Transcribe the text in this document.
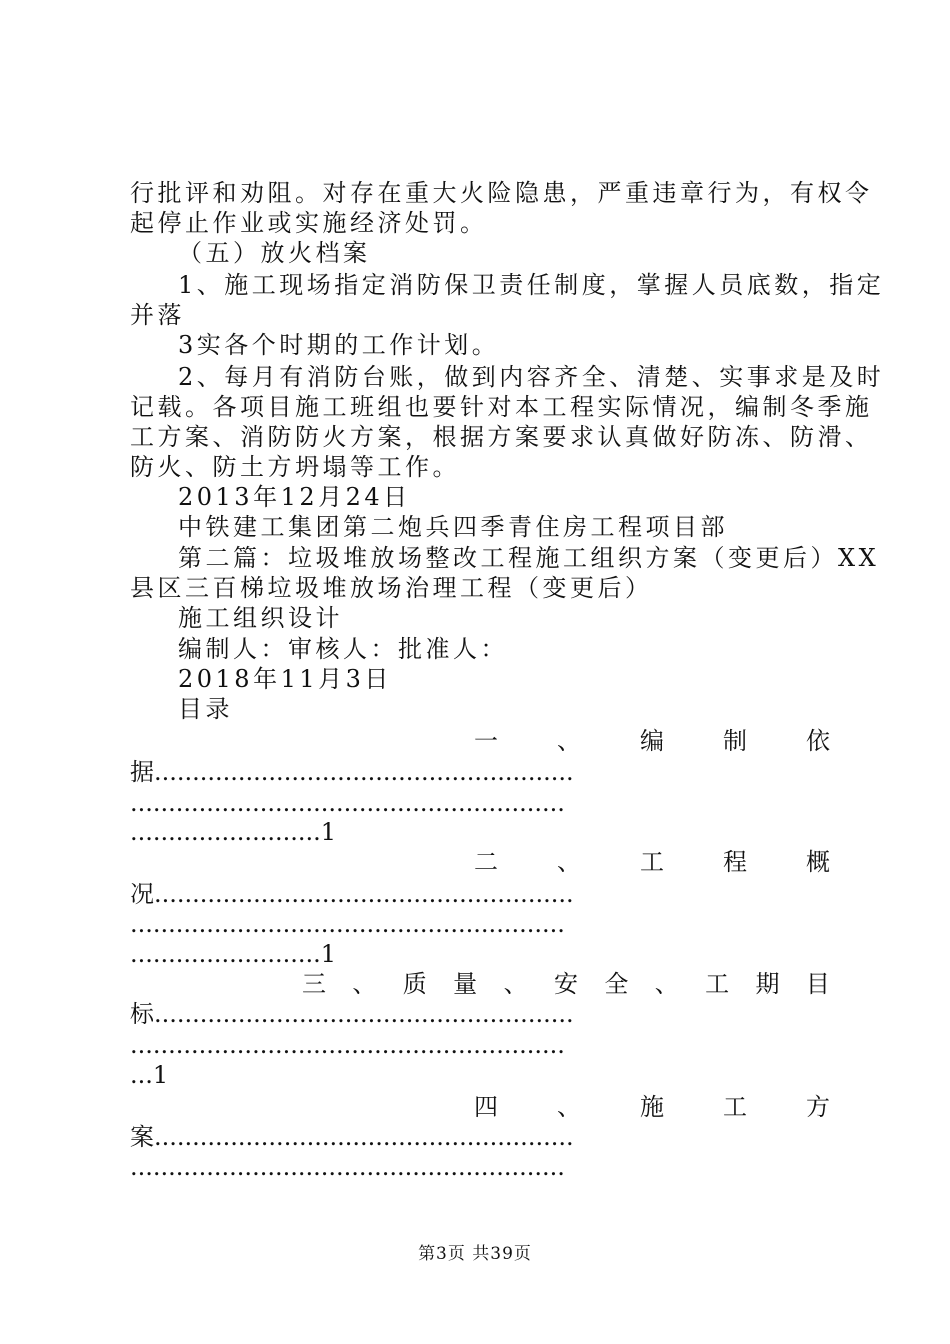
行批评和劝阻。对存在重大火险隐患，严重违章行为，有权令
起停止作业或实施经济处罚。
（五）放火档案
1、施工现场指定消防保卫责任制度，掌握人员底数，指定
并落
3实各个时期的工作计划。
2、每月有消防台账，做到内容齐全、清楚、实事求是及时
记载。各项目施工班组也要针对本工程实际情况，编制冬季施
工方案、消防防火方案，根据方案要求认真做好防冻、防滑、
防火、防土方坍塌等工作。
2013年12月24日
中铁建工集团第二炮兵四季青住房工程项目部
第二篇：垃圾堆放场整改工程施工组织方案（变更后）XX
县区三百梯垃圾堆放场治理工程（变更后）
施工组织设计
编制人：审核人：批准人：
2018年11月3日
目录
一 、 编 制 依
据.......................................................
.........................................................
.........................1
二 、 工 程 概
况.......................................................
.........................................................
.........................1
三 、 质 量 、 安 全 、 工 期 目
标.......................................................
.........................................................
...1
四 、 施 工 方
案.......................................................
.........................................................
第3页 共39页
